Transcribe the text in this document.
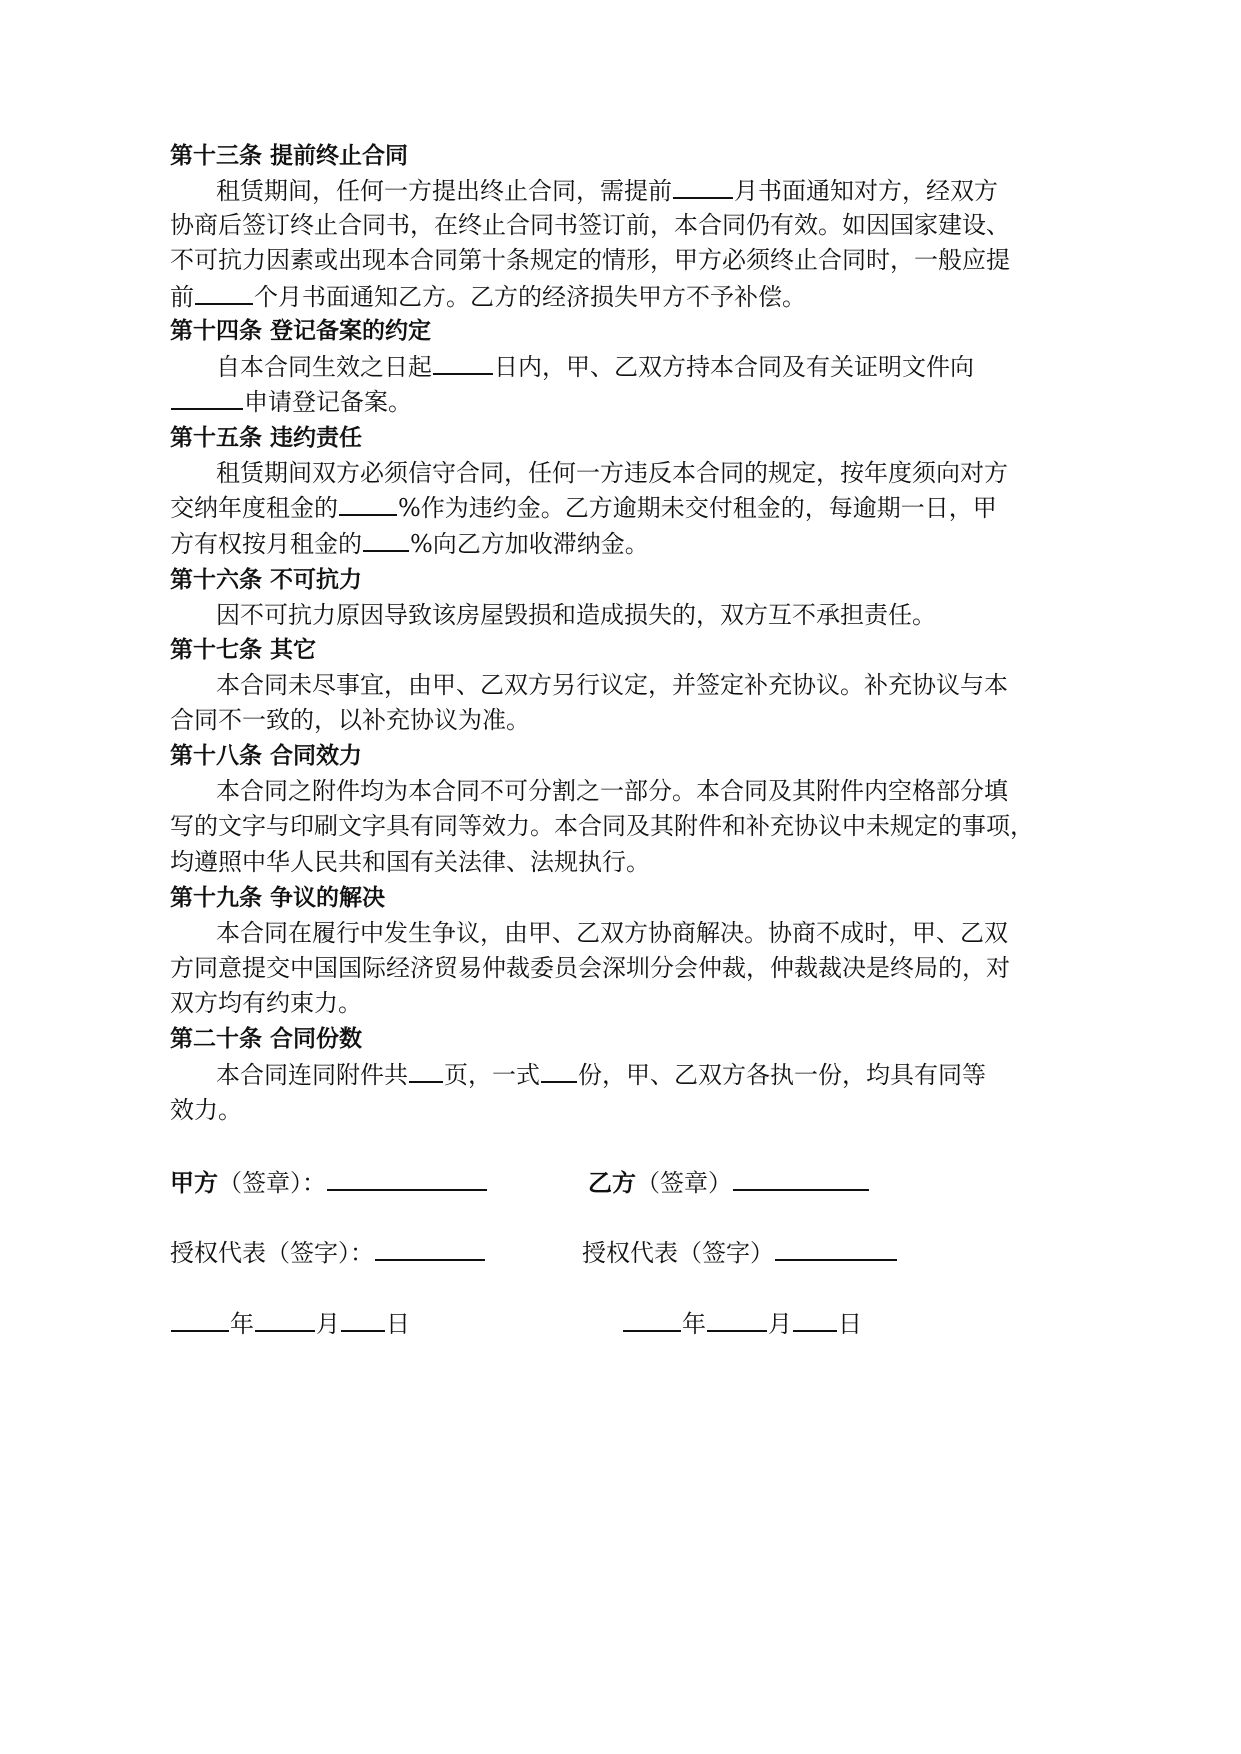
第十三条 提前终止合同
租赁期间，任何一方提出终止合同，需提前	月书面通知对方，经双方
协商后签订终止合同书，在终止合同书签订前，本合同仍有效。如因国家建设、
不可抗力因素或出现本合同第十条规定的情形，甲方必须终止合同时，一般应提
前	个月书面通知乙方。乙方的经济损失甲方不予补偿。
第十四条 登记备案的约定
自本合同生效之日起	日内，甲、乙双方持本合同及有关证明文件向
申请登记备案。
第十五条 违约责任
租赁期间双方必须信守合同，任何一方违反本合同的规定，按年度须向对方
交纳年度租金的	%作为违约金。乙方逾期未交付租金的，每逾期一日，甲
方有权按月租金的 %向乙方加收滞纳金。
第十六条 不可抗力
因不可抗力原因导致该房屋毁损和造成损失的，双方互不承担责任。
第十七条 其它
本合同未尽事宜，由甲、乙双方另行议定，并签定补充协议。补充协议与本
合同不一致的，以补充协议为准。
第十八条 合同效力
本合同之附件均为本合同不可分割之一部分。本合同及其附件内空格部分填
写的文字与印刷文字具有同等效力。本合同及其附件和补充协议中未规定的事项，
均遵照中华人民共和国有关法律、法规执行。
第十九条 争议的解决
本合同在履行中发生争议，由甲、乙双方协商解决。协商不成时，甲、乙双
方同意提交中国国际经济贸易仲裁委员会深圳分会仲裁，仲裁裁决是终局的，对
双方均有约束力。
第二十条 合同份数
本合同连同附件共 页，一式 份，甲、乙双方各执一份，均具有同等
效力。
甲方（签章）：
授权代表（签字）：
年	月 日
乙方（签章）
授权代表（签字）
年	月 日
